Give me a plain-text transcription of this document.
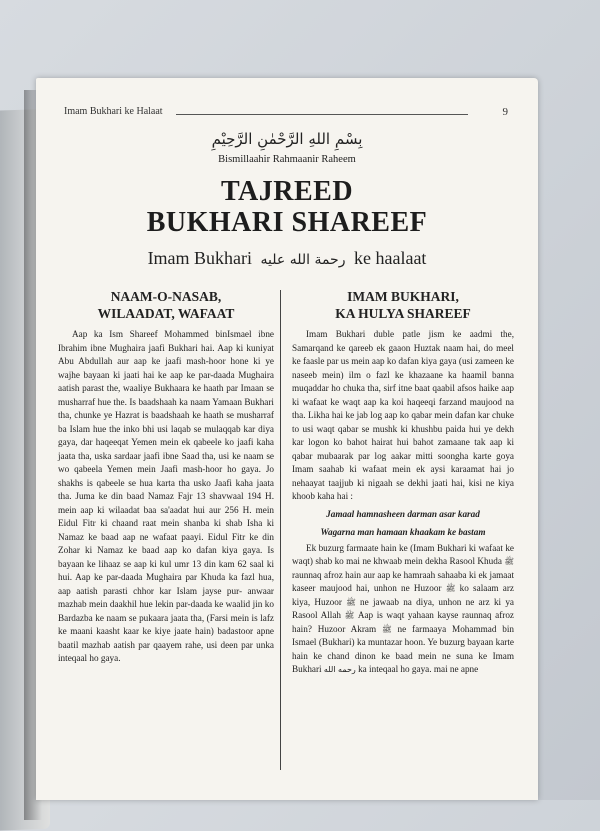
Imam Bukhari ke Halaat	9
بِسْمِ اللهِ الرَّحْمٰنِ الرَّحِيْمِ
Bismillaahir Rahmaanir Raheem
TAJREED
BUKHARI SHAREEF
Imam Bukhari رحمة الله عليه ke haalaat
NAAM-O-NASAB,
WILAADAT, WAFAAT

Aap ka Ism Shareef Mohammed binIsmael ibne Ibrahim ibne Mughaira jaafi Bukhari hai. Aap ki kuniyat Abu Abdullah aur aap ke jaafi mash-hoor hone ki ye wajhe bayaan ki jaati hai ke aap ke par-daada Mughaira aatish parast the, waaliye Bukhaara ke haath par Imaan se musharraf hue the. Is baadshaah ka naam Yamaan Bukhari tha, chunke ye Hazrat is baadshaah ke haath se musharraf ba Islam hue the inko bhi usi laqab se mulaqqab kar diya gaya, dar haqeeqat Yemen mein ek qabeele ko jaafi kaha jaata tha, uska sardaar jaafi ibne Saad tha, usi ke naam se wo qabeela Yemen mein Jaafi mash-hoor ho gaya. Jo shakhs is qabeele se hua karta tha usko Jaafi kaha jaata tha. Juma ke din baad Namaz Fajr 13 shavwaal 194 H. mein aap ki wilaadat baa sa'aadat hui aur 256 H. mein Eidul Fitr ki chaand raat mein shanba ki shab Isha ki Namaz ke baad aap ne wafaat paayi. Eidul Fitr ke din Zohar ki Namaz ke baad aap ko dafan kiya gaya. Is bayaan ke lihaaz se aap ki kul umr 13 din kam 62 saal ki hui. Aap ke par-daada Mughaira par Khuda ka fazl hua, aap aatish parasti chhor kar Islam jayse pur- anwaar mazhab mein daakhil hue lekin par-daada ke waalid jin ko Bardazba ke naam se pukaara jaata tha, (Farsi mein is lafz ke maani kaasht kaar ke kiye jaate hain) badastoor apne baatil mazhab aatish par qaayem rahe, usi deen par unka inteqaal ho gaya.

IMAM BUKHARI,
KA HULYA SHAREEF

Imam Bukhari duble patle jism ke aadmi the, Samarqand ke qareeb ek gaaon Huztak naam hai, do meel ke faasle par us mein aap ko dafan kiya gaya (usi zameen ke naseeb mein) ilm o fazl ke khazaane ka haamil banna muqaddar ho chuka tha, sirf itne baat qaabil afsos haike aap ki wafaat ke waqt aap ka koi haqeeqi farzand maujood na tha. Likha hai ke jab log aap ko qabar mein dafan kar chuke to usi waqt qabar se mushk ki khushbu paida hui ye dekh kar logon ko bahot hairat hui bahot zamaane tak aap ki qabar mubaarak par log aakar mitti soongha karte goya Imam saahab ki wafaat mein ek aysi karaamat hai jo nehaayat taajjub ki nigaah se dekhi jaati hai, kisi ne kiya khoob kaha hai :

Jamaal hamnasheen darman asar karad
Wagarna man hamaan khaakam ke bastam

Ek buzurg farmaate hain ke (Imam Bukhari ki wafaat ke waqt) shab ko mai ne khwaab mein dekha Rasool Khuda ﷺ raunnaq afroz hain aur aap ke hamraah sahaaba ki ek jamaat kaseer maujood hai, unhon ne Huzoor ﷺ ko salaam arz kiya, Huzoor ﷺ ne jawaab na diya, unhon ne arz ki ya Rasool Allah ﷺ Aap is waqt yahaan kayse raunnaq afroz hain? Huzoor Akram ﷺ ne farmaaya Mohammad bin Ismael (Bukhari) ka muntazar hoon. Ye buzurg bayaan karte hain ke chand dinon ke baad mein ne suna ke Imam Bukhari رحمه الله ka inteqaal ho gaya. mai ne apne
